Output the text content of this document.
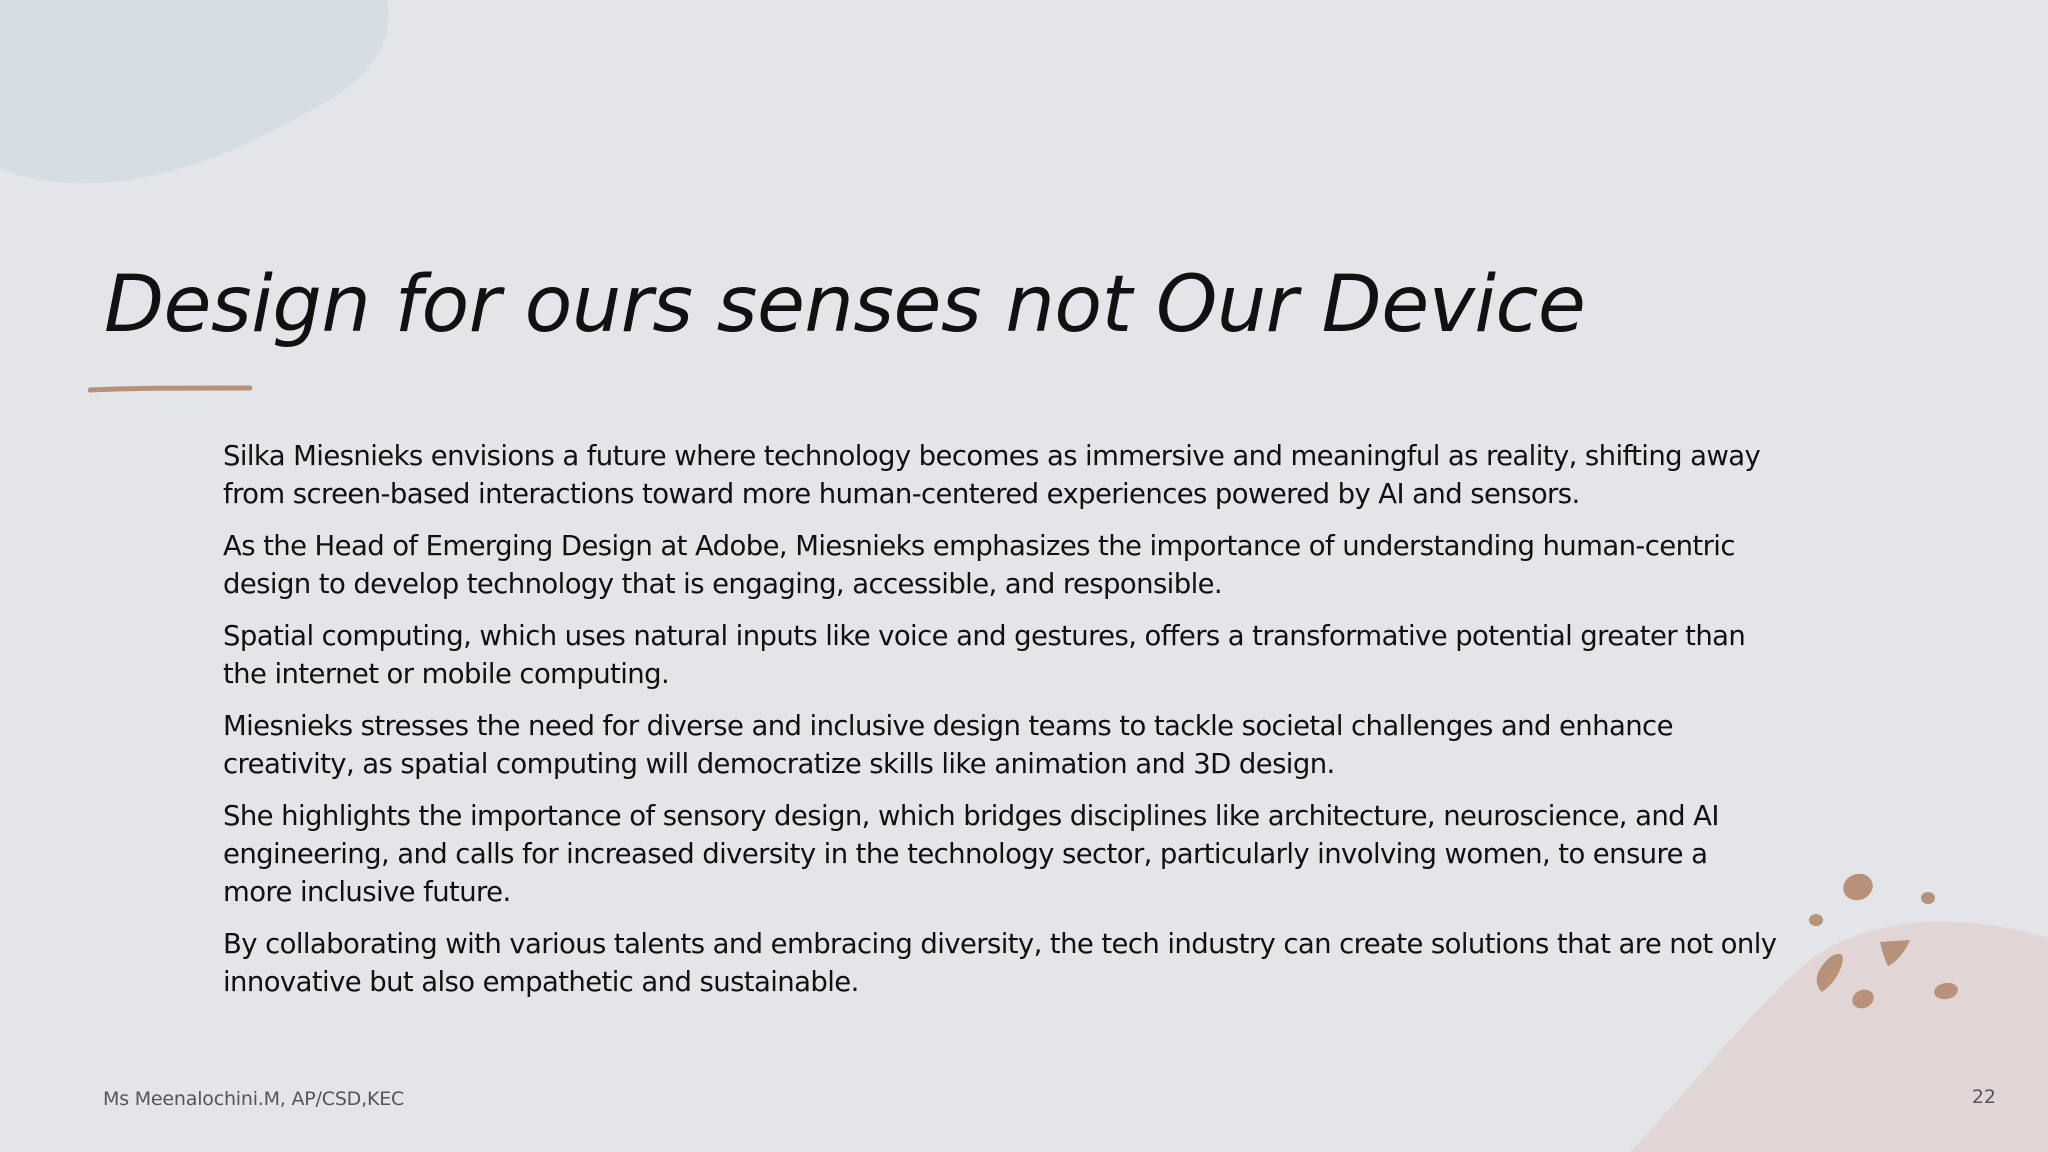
Design for ours senses not Our Device

Silka Miesnieks envisions a future where technology becomes as immersive and meaningful as reality, shifting away from screen-based interactions toward more human-centered experiences powered by AI and sensors.

As the Head of Emerging Design at Adobe, Miesnieks emphasizes the importance of understanding human-centric design to develop technology that is engaging, accessible, and responsible.

Spatial computing, which uses natural inputs like voice and gestures, offers a transformative potential greater than the internet or mobile computing.

Miesnieks stresses the need for diverse and inclusive design teams to tackle societal challenges and enhance creativity, as spatial computing will democratize skills like animation and 3D design.

She highlights the importance of sensory design, which bridges disciplines like architecture, neuroscience, and AI engineering, and calls for increased diversity in the technology sector, particularly involving women, to ensure a more inclusive future.

By collaborating with various talents and embracing diversity, the tech industry can create solutions that are not only innovative but also empathetic and sustainable.

Ms Meenalochini.M, AP/CSD,KEC	22
